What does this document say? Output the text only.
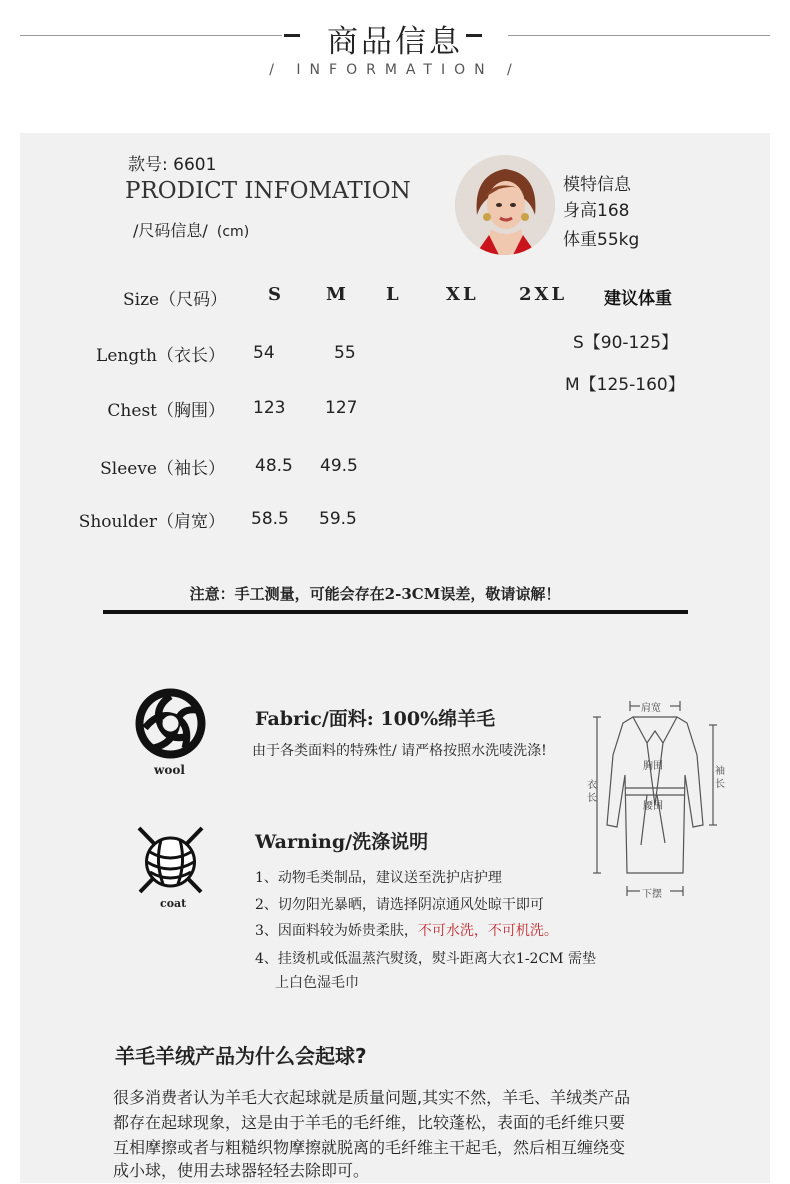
商品信息
/ INFORMATION /
款号: 6601
PRODICT INFOMATION
/尺码信息/ (cm)
模特信息
身高168
体重55kg
Size（尺码） S	M L	XL 2XL
Length（衣长） 54	55
Chest（胸围） 123 127
Sleeve（袖长） 48.5 49.5
Shoulder（肩宽） 58.5 59.5
建议体重
S【90-125】
M【125-160】
注意：手工测量，可能会存在2-3CM误差，敬请谅解！
wool
Fabric/面料: 100%绵羊毛
由于各类面料的特殊性/ 请严格按照水洗唛洗涤!
coat
Warning/洗涤说明
1、动物毛类制品，建议送至洗护店护理
2、切勿阳光暴晒，请选择阴凉通风处晾干即可
3、因面料较为娇贵柔肤，不可水洗，不可机洗。
4、挂烫机或低温蒸汽熨烫，熨斗距离大衣1-2CM 需垫
上白色湿毛巾
肩宽
胸围
腰围
衣长
袖长
下摆
羊毛羊绒产品为什么会起球?
很多消费者认为羊毛大衣起球就是质量问题,其实不然，羊毛、羊绒类产品
都存在起球现象，这是由于羊毛的毛纤维，比较蓬松，表面的毛纤维只要
互相摩擦或者与粗糙织物摩擦就脱离的毛纤维主干起毛，然后相互缠绕变
成小球，使用去球器轻轻去除即可。
